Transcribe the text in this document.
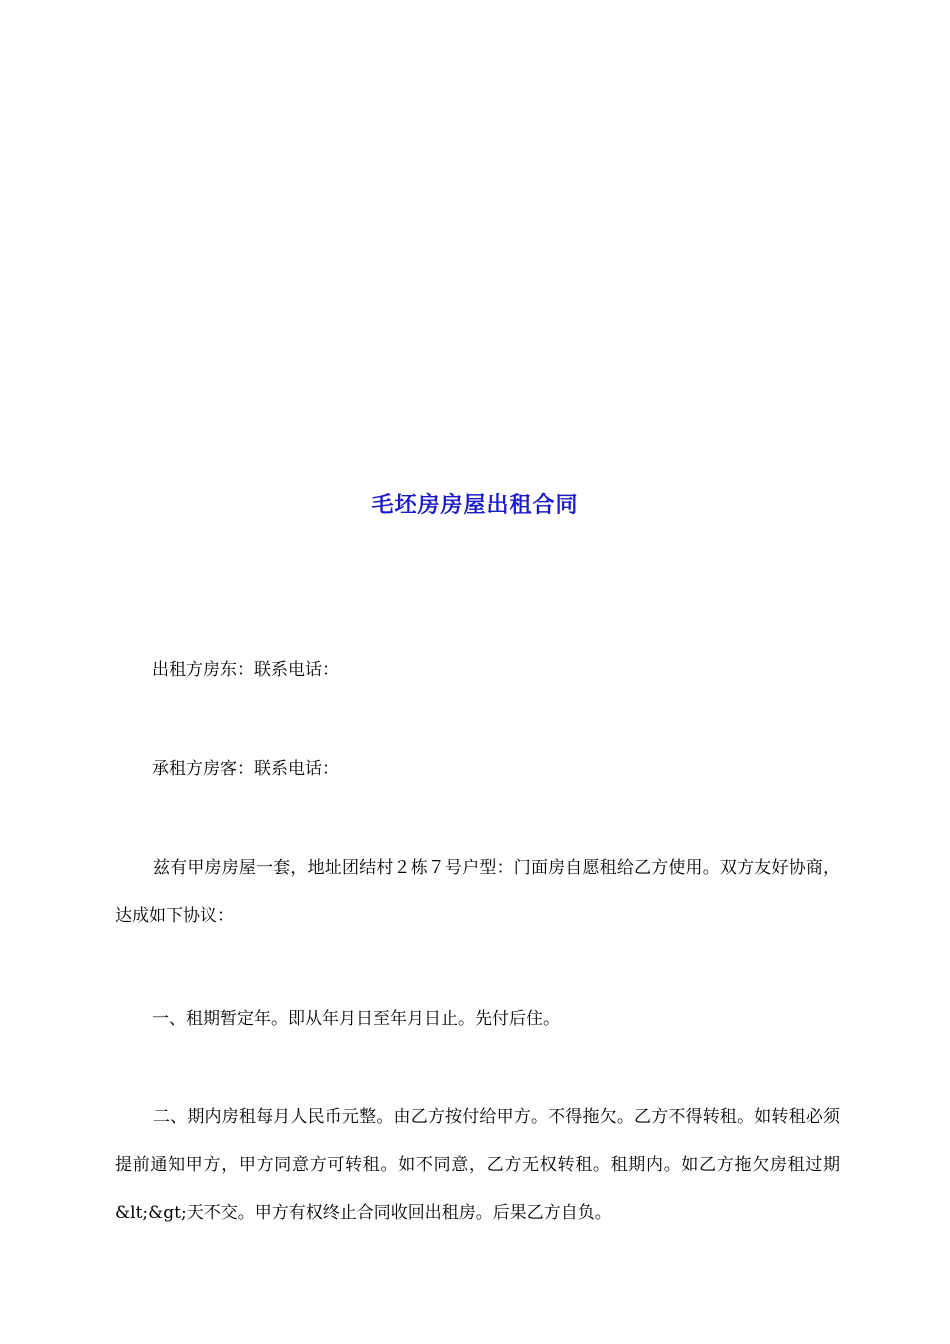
毛坯房房屋出租合同
出租方房东：联系电话：
承租方房客：联系电话：
兹有甲房房屋一套，地址团结村２栋７号户型：门面房自愿租给乙方使用。双方友好协商，达成如下协议：
一、租期暂定年。即从年月日至年月日止。先付后住。
二、期内房租每月人民币元整。由乙方按付给甲方。不得拖欠。乙方不得转租。如转租必须提前通知甲方，甲方同意方可转租。如不同意，乙方无权转租。租期内。如乙方拖欠房租过期&lt;&gt;天不交。甲方有权终止合同收回出租房。后果乙方自负。
